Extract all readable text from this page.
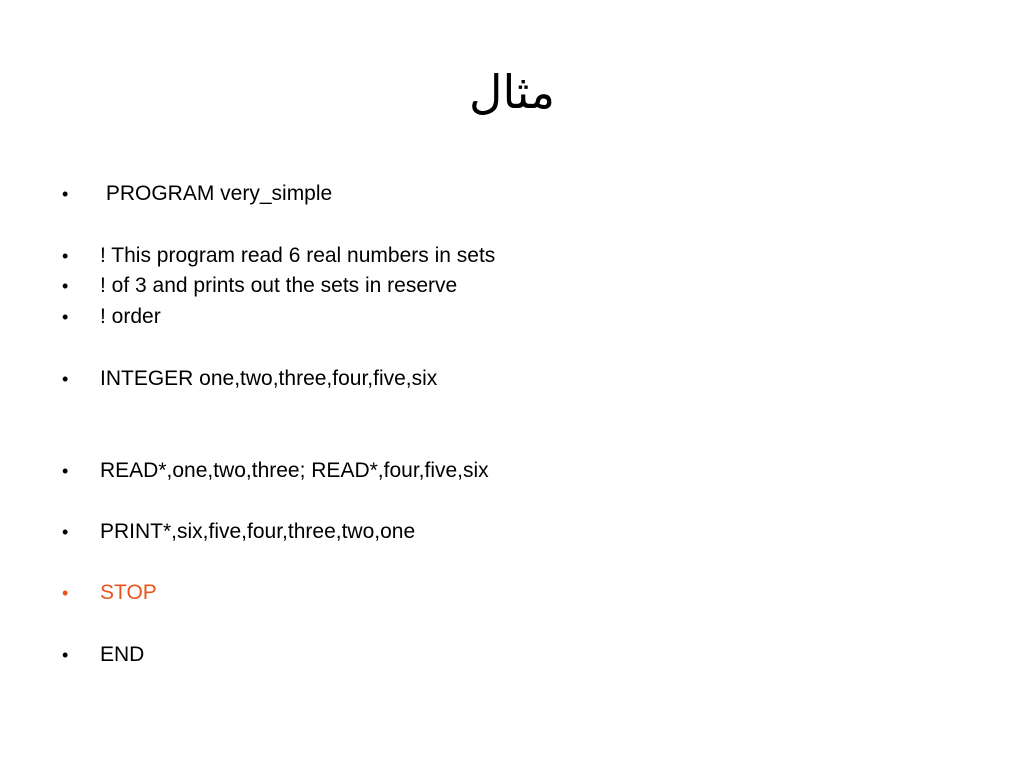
مثال
•	PROGRAM very_simple
•	! This program read 6 real numbers in sets
•	! of 3 and prints out the sets in reserve
•	! order
•	INTEGER one,two,three,four,five,six
•	READ*,one,two,three; READ*,four,five,six
•	PRINT*,six,five,four,three,two,one
•	STOP
•	END
